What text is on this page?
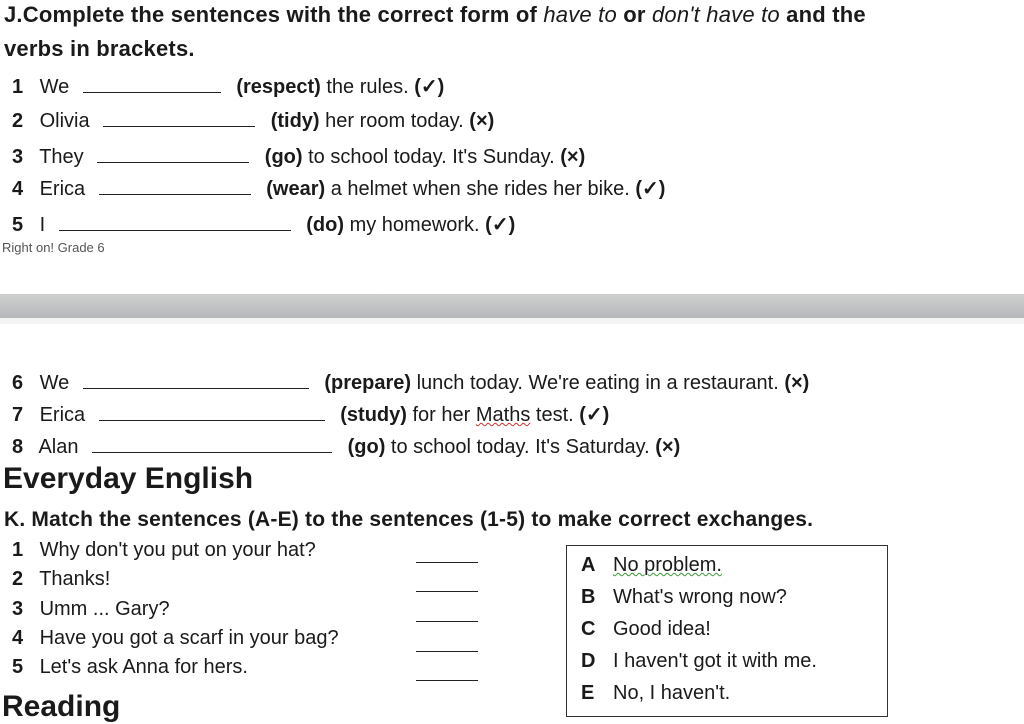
J.Complete the sentences with the correct form of have to or don't have to and the
verbs in brackets.
1 We	(respect) the rules. (✓)
2 Olivia	(tidy) her room today. (×)
3 They	(go) to school today. It's Sunday. (×)
4 Erica	(wear) a helmet when she rides her bike. (✓)
5 I	(do) my homework. (✓)
Right on! Grade 6
6 We	(prepare) lunch today. We're eating in a restaurant. (×)
7 Erica	(study) for her Maths test. (✓)
8 Alan	(go) to school today. It's Saturday. (×)
Everyday English
K. Match the sentences (A-E) to the sentences (1-5) to make correct exchanges.
1 Why don't you put on your hat?
2 Thanks!
3 Umm ... Gary?
4 Have you got a scarf in your bag?
5 Let's ask Anna for hers.
A No problem.
B What's wrong now?
C Good idea!
D I haven't got it with me.
E No, I haven't.
Reading
